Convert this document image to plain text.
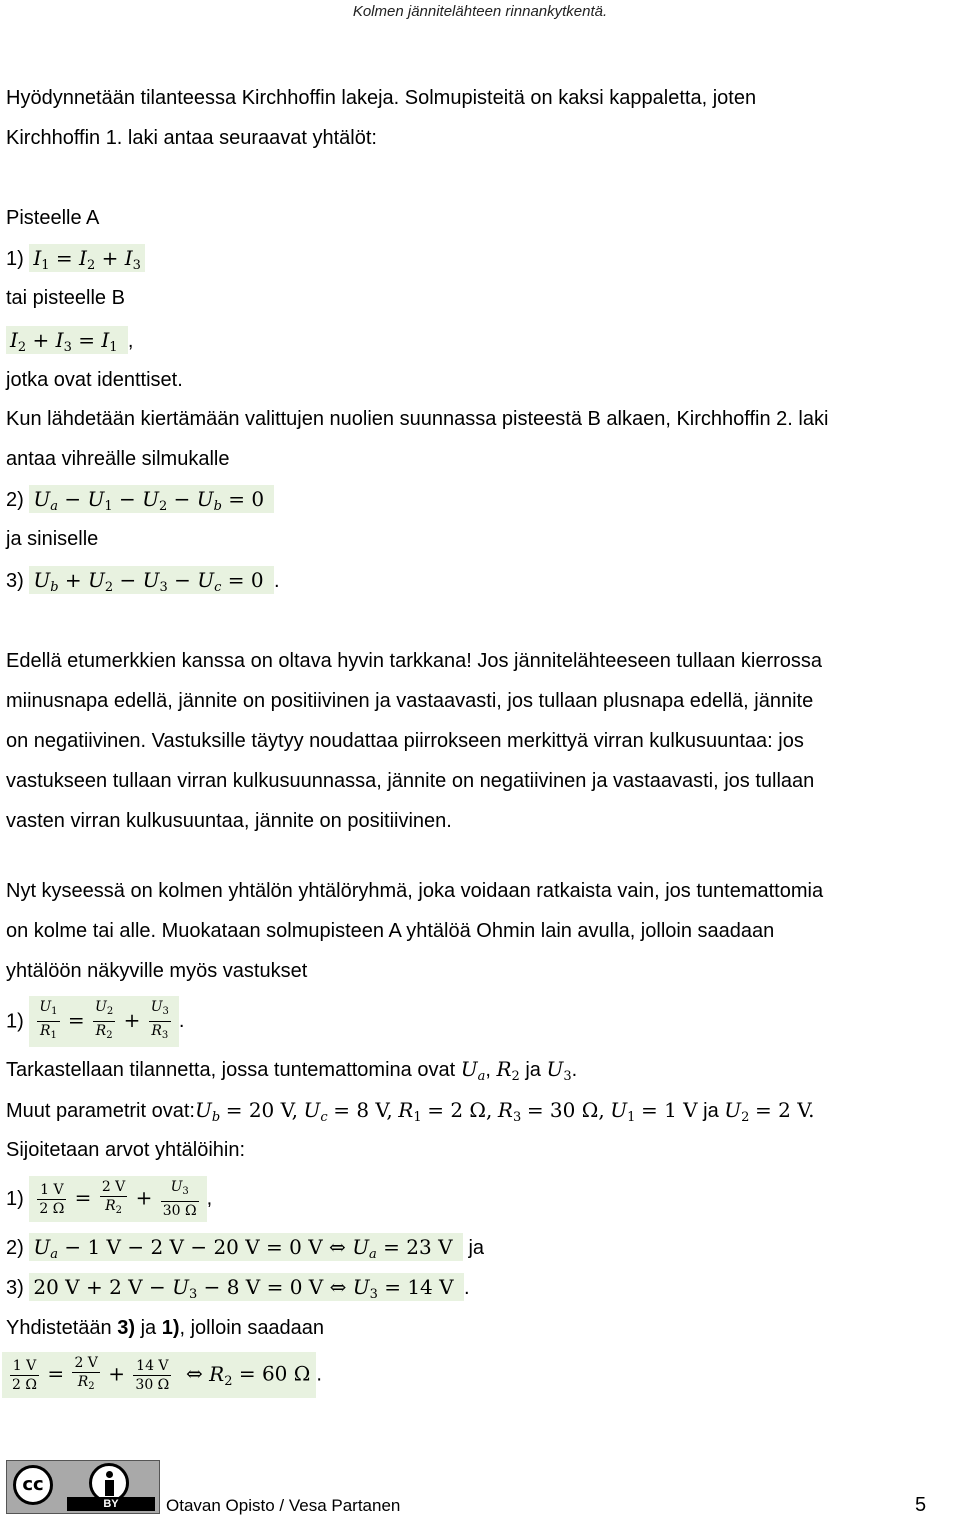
Kolmen jännitelähteen rinnankytkentä.
Hyödynnetään tilanteessa Kirchhoffin lakeja. Solmupisteitä on kaksi kappaletta, joten
Kirchhoffin 1. laki antaa seuraavat yhtälöt:
Pisteelle A
1) $I_1 = I_2 + I_3$
tai pisteelle B
$I_2 + I_3 = I_1$ ,
jotka ovat identtiset.
Kun lähdetään kiertämään valittujen nuolien suunnassa pisteestä B alkaen, Kirchhoffin 2. laki
antaa vihreälle silmukalle
2) $U_a - U_1 - U_2 - U_b = 0$
ja siniselle
3) $U_b + U_2 - U_3 - U_c = 0$ .
Edellä etumerkkien kanssa on oltava hyvin tarkkana! Jos jännitelähteeseen tullaan kierrossa
miinusnapa edellä, jännite on positiivinen ja vastaavasti, jos tullaan plusnapa edellä, jännite
on negatiivinen. Vastuksille täytyy noudattaa piirrokseen merkittyä virran kulkusuuntaa: jos
vastukseen tullaan virran kulkusuunnassa, jännite on negatiivinen ja vastaavasti, jos tullaan
vasten virran kulkusuuntaa, jännite on positiivinen.
Nyt kyseessä on kolmen yhtälön yhtälöryhmä, joka voidaan ratkaista vain, jos tuntemattomia
on kolme tai alle. Muokataan solmupisteen A yhtälöä Ohmin lain avulla, jolloin saadaan
yhtälöön näkyville myös vastukset
$1) \frac{U_1}{R_1} = \frac{U_2}{R_2} + \frac{U_3}{R_3}$ .
Tarkastellaan tilannetta, jossa tuntemattomina ovat $U_a$, $R_2$ ja $U_3$.
Muut parametrit $ovat:U_b = 20$ V, $U_c = 8$ V, $R_1 = 2$ Ω, $R_3 = 30$ Ω, $U_1 = 1$ V ja $U_2 = 2$ V.
Sijoitetaan arvot yhtälöihin:
$1) \frac{1 V}{2 \Omega} = \frac{2 V}{R_2} + \frac{U_3}{30 \Omega}$ ,
2) $U_a - 1$ V − 2 V − 20 V = 0 V ⇔ $U_a = 23$ V  ja
3) 20 V + 2 $V - U_3 - 8$ V = 0 V ⇔ $U_3 = 14$ V .
Yhdistetään 3) ja 1), jolloin saadaan
$\frac{1 V}{2 \Omega} = \frac{2 V}{R_2} + \frac{14 V}{30 \Omega}$ ⇔ $R_2 = 60$ Ω.
cc
BY	Otavan Opisto / Vesa Partanen	5
